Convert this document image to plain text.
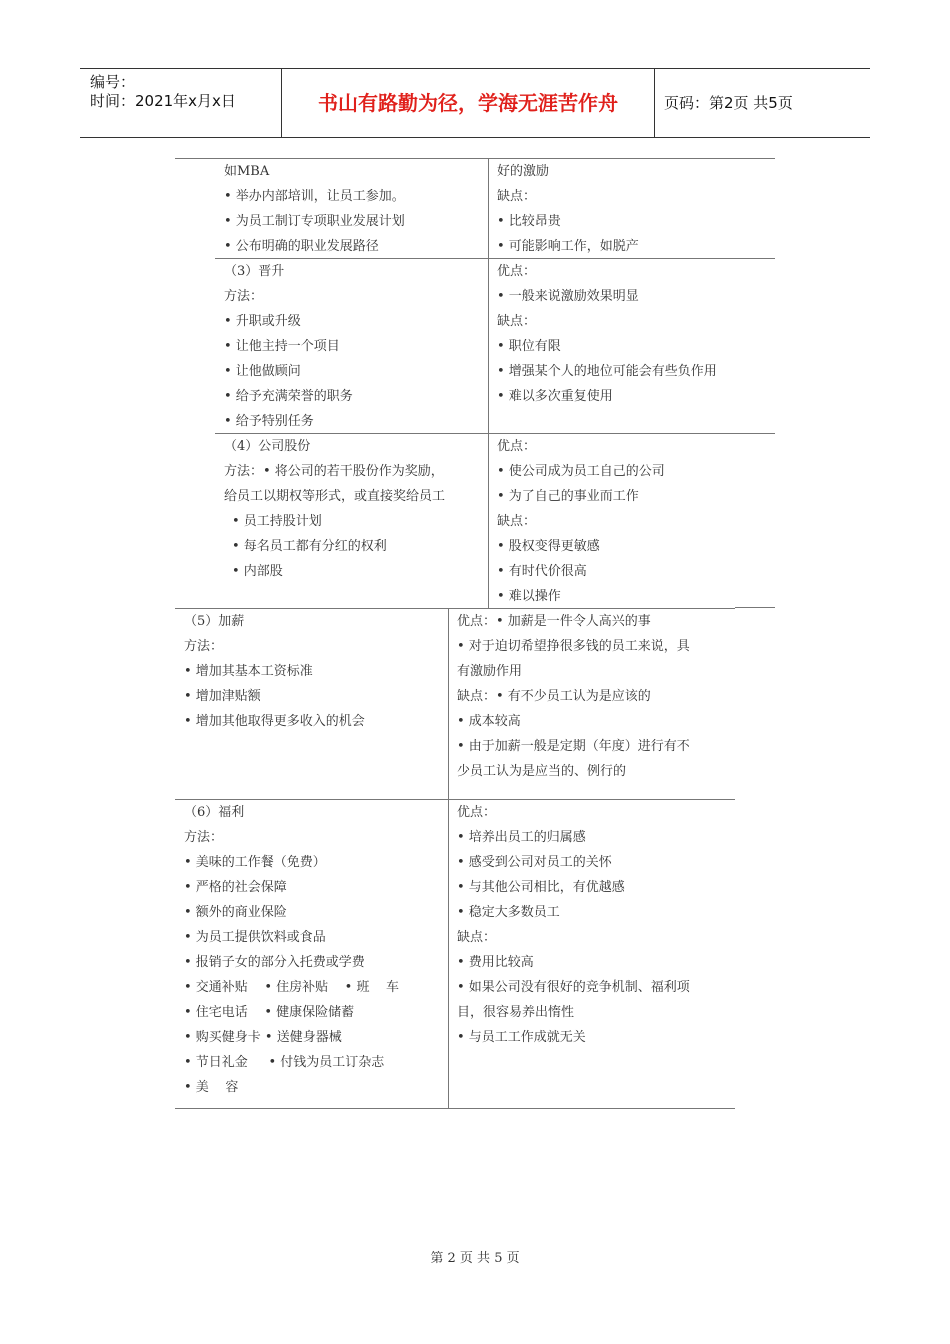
编号：
时间：2021年x月x日	书山有路勤为径，学海无涯苦作舟	页码：第2页 共5页
如MBA
• 举办内部培训，让员工参加。
• 为员工制订专项职业发展计划
• 公布明确的职业发展路径
好的激励
缺点：
• 比较昂贵
• 可能影响工作，如脱产
（3）晋升
方法：
• 升职或升级
• 让他主持一个项目
• 让他做顾问
• 给予充满荣誉的职务
• 给予特别任务
优点：
• 一般来说激励效果明显
缺点：
• 职位有限
• 增强某个人的地位可能会有些负作用
• 难以多次重复使用
（4）公司股份
方法：• 将公司的若干股份作为奖励，
给员工以期权等形式，或直接奖给员工
• 员工持股计划
• 每名员工都有分红的权利
• 内部股
优点：
• 使公司成为员工自己的公司
• 为了自己的事业而工作
缺点：
• 股权变得更敏感
• 有时代价很高
• 难以操作
（5）加薪
方法：
• 增加其基本工资标准
• 增加津贴额
• 增加其他取得更多收入的机会
优点：• 加薪是一件令人高兴的事
• 对于迫切希望挣很多钱的员工来说，具
有激励作用
缺点：• 有不少员工认为是应该的
• 成本较高
• 由于加薪一般是定期（年度）进行有不
少员工认为是应当的、例行的
（6）福利
方法：
• 美味的工作餐（免费）
• 严格的社会保障
• 额外的商业保险
• 为员工提供饮料或食品
• 报销子女的部分入托费或学费
• 交通补贴    • 住房补贴    • 班    车
• 住宅电话    • 健康保险储蓄
• 购买健身卡 • 送健身器械
• 节日礼金     • 付钱为员工订杂志
• 美    容
优点：
• 培养出员工的归属感
• 感受到公司对员工的关怀
• 与其他公司相比，有优越感
• 稳定大多数员工
缺点：
• 费用比较高
• 如果公司没有很好的竞争机制、福利项
目，很容易养出惰性
• 与员工工作成就无关
第 2 页 共 5 页
